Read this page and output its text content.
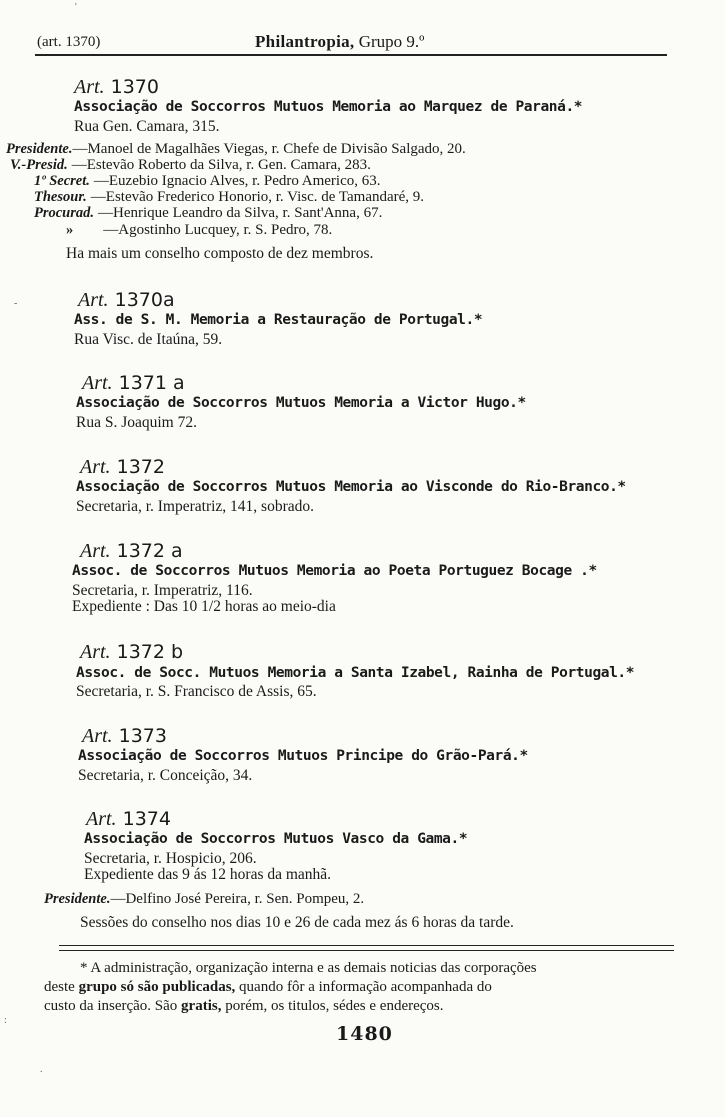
(art. 1370)	Philantropia, Grupo 9.º
Art. 1370
Associação de Soccorros Mutuos Memoria ao Marquez de Paraná.*
Rua Gen. Camara, 315.
Presidente.—Manoel de Magalhães Viegas, r. Chefe de Divisão Salgado, 20.
V.-Presid. —Estevão Roberto da Silva, r. Gen. Camara, 283.
1º Secret. —Euzebio Ignacio Alves, r. Pedro Americo, 63.
Thesour. —Estevão Frederico Honorio, r. Visc. de Tamandaré, 9.
Procurad. —Henrique Leandro da Silva, r. Sant'Anna, 67.
» —Agostinho Lucquey, r. S. Pedro, 78.
Ha mais um conselho composto de dez membros.
Art. 1370a
Ass. de S. M. Memoria a Restauração de Portugal.*
Rua Visc. de Itaúna, 59.
Art. 1371 a
Associação de Soccorros Mutuos Memoria a Victor Hugo.*
Rua S. Joaquim 72.
Art. 1372
Associação de Soccorros Mutuos Memoria ao Visconde do Rio-Branco.*
Secretaria, r. Imperatriz, 141, sobrado.
Art. 1372 a
Assoc. de Soccorros Mutuos Memoria ao Poeta Portuguez Bocage .*
Secretaria, r. Imperatriz, 116.
Expediente : Das 10 1/2 horas ao meio-dia
Art. 1372 b
Assoc. de Socc. Mutuos Memoria a Santa Izabel, Rainha de Portugal.*
Secretaria, r. S. Francisco de Assis, 65.
Art. 1373
Associação de Soccorros Mutuos Principe do Grão-Pará.*
Secretaria, r. Conceição, 34.
Art. 1374
Associação de Soccorros Mutuos Vasco da Gama.*
Secretaria, r. Hospicio, 206.
Expediente das 9 ás 12 horas da manhã.
Presidente.—Delfino José Pereira, r. Sen. Pompeu, 2.
Sessões do conselho nos dias 10 e 26 de cada mez ás 6 horas da tarde.
* A administração, organização interna e as demais noticias das corporações
deste grupo só são publicadas, quando fôr a informação acompanhada do
custo da inserção. São gratis, porém, os titulos, sédes e endereços.
1480
'
-
:
.
